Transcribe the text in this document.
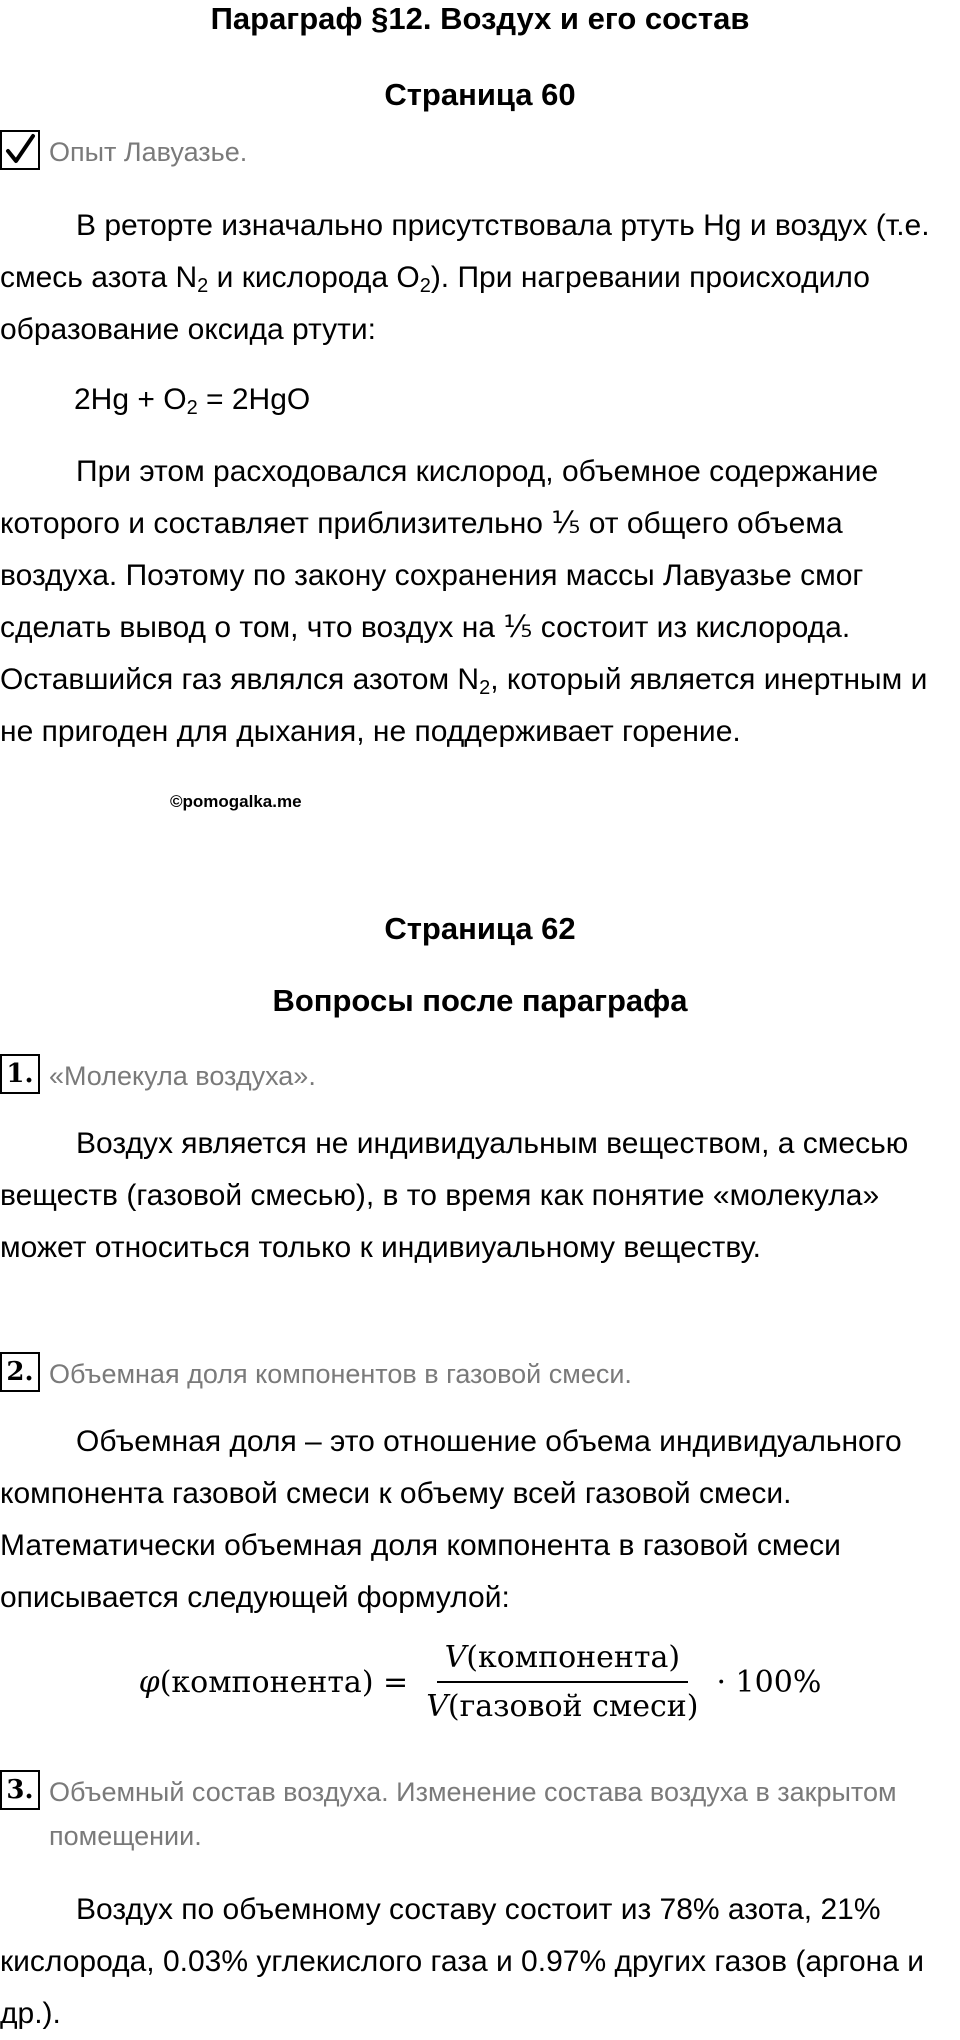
Параграф §12. Воздух и его состав
Страница 60
Опыт Лавуазье.
В реторте изначально присутствовала ртуть Hg и воздух (т.е. смесь азота $N_2$ и кислорода $O_2$). При нагревании происходило образование оксида ртути:
$2Hg + O_2 = 2HgO$
При этом расходовался кислород, объемное содержание которого и составляет приблизительно ⅕ от общего объема воздуха. Поэтому по закону сохранения массы Лавуазье смог сделать вывод о том, что воздух на ⅕ состоит из кислорода. Оставшийся газ являлся азотом $N_2$, который является инертным и не пригоден для дыхания, не поддерживает горение.
©pomogalka.me
Страница 62
Вопросы после параграфа
1. «Молекула воздуха».
Воздух является не индивидуальным веществом, а смесью веществ (газовой смесью), в то время как понятие «молекула» может относиться только к индивиуальному веществу.
2. Объемная доля компонентов в газовой смеси.
Объемная доля – это отношение объема индивидуального компонента газовой смеси к объему всей газовой смеси. Математически объемная доля компонента в газовой смеси описывается следующей формулой:
φ(компонента) = $\frac{\text{V(компонента)}}{\text{V(газовой смеси)}} \cdot 100\%$
3. Объемный состав воздуха. Изменение состава воздуха в закрытом помещении.
Воздух по объемному составу состоит из 78% азота, 21% кислорода, 0.03% углекислого газа и 0.97% других газов (аргона и др.).
